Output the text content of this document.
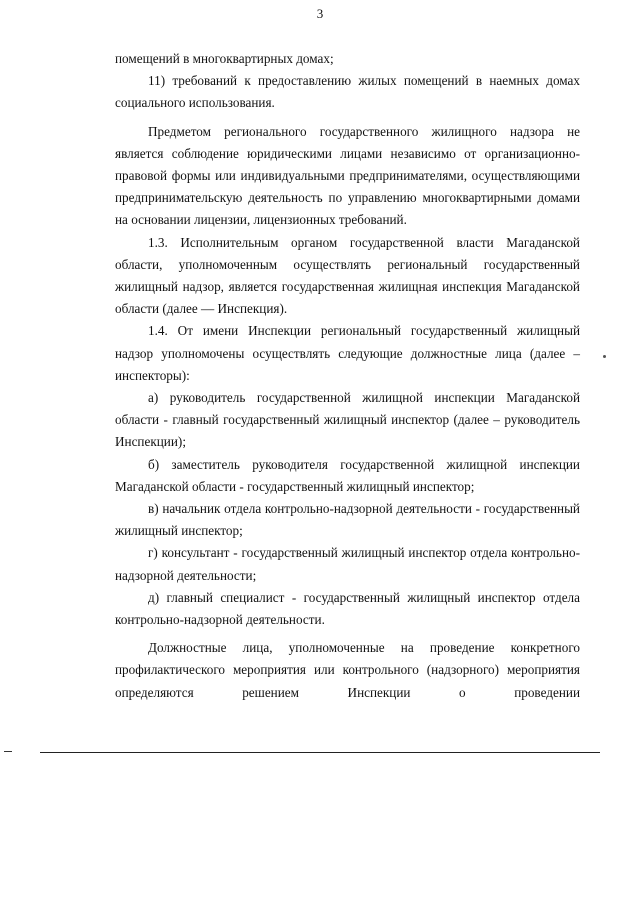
3

помещений в многоквартирных домах;

11) требований к предоставлению жилых помещений в наемных домах социального использования.

Предметом регионального государственного жилищного надзора не является соблюдение юридическими лицами независимо от организационно-правовой формы или индивидуальными предпринимателями, осуществляющими предпринимательскую деятельность по управлению многоквартирными домами на основании лицензии, лицензионных требований.

1.3. Исполнительным органом государственной власти Магаданской области, уполномоченным осуществлять региональный государственный жилищный надзор, является государственная жилищная инспекция Магаданской области (далее — Инспекция).

1.4. От имени Инспекции региональный государственный жилищный надзор уполномочены осуществлять следующие должностные лица (далее – инспекторы):

а) руководитель государственной жилищной инспекции Магаданской области - главный государственный жилищный инспектор (далее – руководитель Инспекции);

б) заместитель руководителя государственной жилищной инспекции Магаданской области - государственный жилищный инспектор;

в) начальник отдела контрольно-надзорной деятельности - государственный жилищный инспектор;

г) консультант - государственный жилищный инспектор отдела контрольно-надзорной деятельности;

д) главный специалист - государственный жилищный инспектор отдела контрольно-надзорной деятельности.

Должностные лица, уполномоченные на проведение конкретного профилактического мероприятия или контрольного (надзорного) мероприятия определяются решением Инспекции о проведении
